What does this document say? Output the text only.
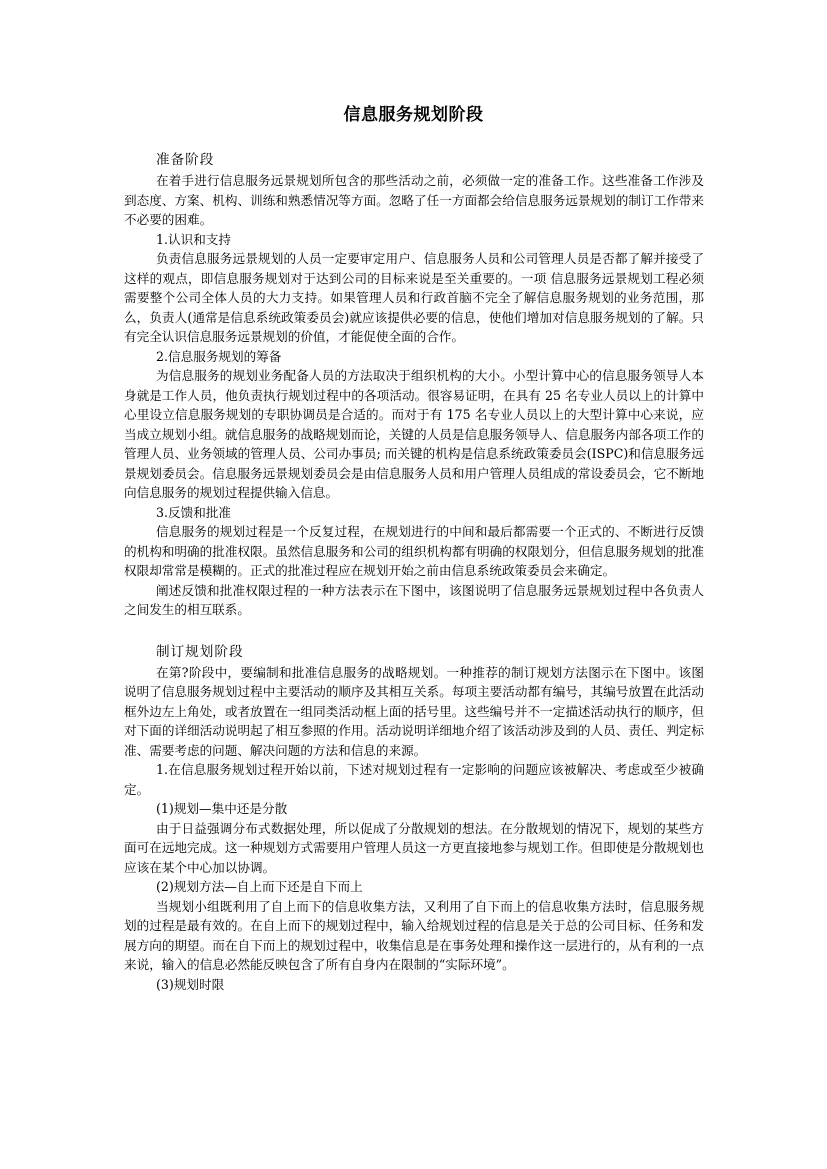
信息服务规划阶段

准备阶段

在着手进行信息服务远景规划所包含的那些活动之前，必须做一定的准备工作。这些准备工作涉及到态度、方案、机构、训练和熟悉情况等方面。忽略了任一方面都会给信息服务远景规划的制订工作带来不必要的困难。

1.认识和支持

负责信息服务远景规划的人员一定要审定用户、信息服务人员和公司管理人员是否都了解并接受了这样的观点，即信息服务规划对于达到公司的目标来说是至关重要的。一项 信息服务远景规划工程必须需要整个公司全体人员的大力支持。如果管理人员和行政首脑不完全了解信息服务规划的业务范围，那么，负责人(通常是信息系统政策委员会)就应该提供必要的信息，使他们增加对信息服务规划的了解。只有完全认识信息服务远景规划的价值，才能促使全面的合作。

2.信息服务规划的筹备

为信息服务的规划业务配备人员的方法取决于组织机构的大小。小型计算中心的信息服务领导人本身就是工作人员，他负责执行规划过程中的各项活动。很容易证明，在具有 25 名专业人员以上的计算中心里设立信息服务规划的专职协调员是合适的。而对于有 175 名专业人员以上的大型计算中心来说，应当成立规划小组。就信息服务的战略规划而论，关键的人员是信息服务领导人、信息服务内部各项工作的管理人员、业务领域的管理人员、公司办事员; 而关键的机构是信息系统政策委员会(ISPC)和信息服务远景规划委员会。信息服务远景规划委员会是由信息服务人员和用户管理人员组成的常设委员会，它不断地向信息服务的规划过程提供输入信息。

3.反馈和批准

信息服务的规划过程是一个反复过程，在规划进行的中间和最后都需要一个正式的、不断进行反馈的机构和明确的批准权限。虽然信息服务和公司的组织机构都有明确的权限划分，但信息服务规划的批准权限却常常是模糊的。正式的批准过程应在规划开始之前由信息系统政策委员会来确定。

阐述反馈和批准权限过程的一种方法表示在下图中，该图说明了信息服务远景规划过程中各负责人之间发生的相互联系。

制订规划阶段

在第?阶段中，要编制和批准信息服务的战略规划。一种推荐的制订规划方法图示在下图中。该图说明了信息服务规划过程中主要活动的顺序及其相互关系。每项主要活动都有编号，其编号放置在此活动框外边左上角处，或者放置在一组同类活动框上面的括号里。这些编号并不一定描述活动执行的顺序，但对下面的详细活动说明起了相互参照的作用。活动说明详细地介绍了该活动涉及到的人员、责任、判定标准、需要考虑的问题、解决问题的方法和信息的来源。

1.在信息服务规划过程开始以前，下述对规划过程有一定影响的问题应该被解决、考虑或至少被确定。

(1)规划—集中还是分散

由于日益强调分布式数据处理，所以促成了分散规划的想法。在分散规划的情况下，规划的某些方面可在远地完成。这一种规划方式需要用户管理人员这一方更直接地参与规划工作。但即使是分散规划也应该在某个中心加以协调。

(2)规划方法—自上而下还是自下而上

当规划小组既利用了自上而下的信息收集方法，又利用了自下而上的信息收集方法时，信息服务规划的过程是最有效的。在自上而下的规划过程中，输入给规划过程的信息是关于总的公司目标、任务和发展方向的期望。而在自下而上的规划过程中，收集信息是在事务处理和操作这一层进行的，从有利的一点来说，输入的信息必然能反映包含了所有自身内在限制的“实际环境”。

(3)规划时限
